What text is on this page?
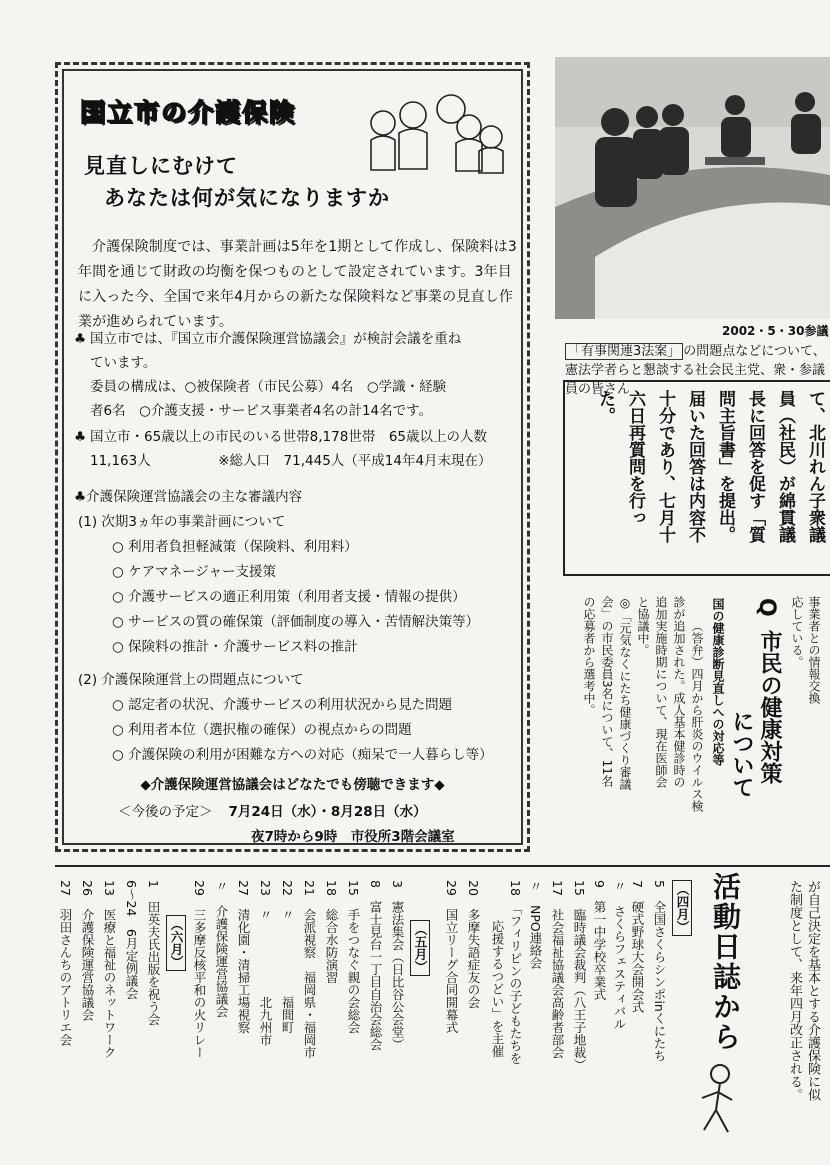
国立市の介護保険
見直しにむけて
あなたは何が気になりますか
介護保険制度では、事業計画は5年を1期として作成し、保険料は3年間を通じて財政の均衡を保つものとして設定されています。3年目に入った今、全国で来年4月からの新たな保険料など事業の見直し作業が進められています。
♣ 国立市では、『国立市介護保険運営協議会』が検討会議を重ね
ています。
委員の構成は、○被保険者（市民公募）4名　○学識・経験
者6名　○介護支援・サービス事業者4名の計14名です。
♣ 国立市・65歳以上の市民のいる世帯8,178世帯　65歳以上の人数
11,163人　　　　　※総人口　71,445人（平成14年4月末現在）
♣介護保険運営協議会の主な審議内容
(1) 次期3ヵ年の事業計画について
○ 利用者負担軽減策（保険料、利用料）
○ ケアマネージャー支援策
○ 介護サービスの適正利用策（利用者支援・情報の提供）
○ サービスの質の確保策（評価制度の導入・苦情解決策等）
○ 保険料の推計・介護サービス料の推計
(2) 介護保険運営上の問題点について
○ 認定者の状況、介護サービスの利用状況から見た問題
○ 利用者本位（選択権の確保）の視点からの問題
○ 介護保険の利用が困難な方への対応（痴呆で一人暮らし等）
◆介護保険運営協議会はどなたでも傍聴できます◆
＜今後の予定＞ 7月24日（水）・8月28日（水）
夜7時から9時　市役所3階会議室
2002・5・30参議
「有事関連3法案」 の問題点などについて、憲法学者らと懇談する社会民主党、衆・参議員の皆さん
て、北川れん子衆議
員（社民）が綿貫議
長に回答を促す「質
問主旨書」を提出。
届いた回答は内容不
十分であり、七月十
六日再質問を行っ
た。
事業者との情報交換
応している。
Q
市民の健康対策
について
国の健康診断見直しへの対応等
（答弁）四月から肝炎のウイルス検
診が追加された。成人基本健診時の
追加実施時期について、現在医師会
と協議中。
◎「元気なくにたち健康づくり審議
会」の市民委員3名について、11名
の応募者から選考中。
が自己決定を基本とする介護保険に似
た制度として、来年四月改正される。
活動日誌から
（四月）
5　全国さくらシンポinくにたち
7　硬式野球大会開会式
〃　さくらフェスティバル
9　第一中学校卒業式
15　臨時議会裁判（八王子地裁）
17　社会福祉協議会高齢者部会
〃　NPO連絡会
18　「フィリピンの子どもたちを
応援するつどい」を主催
20　多摩失語症友の会
29　国立リーグ合同開幕式
（五月）
3　憲法集会（日比谷公会堂）
8　富士見台一丁目自治会総会
15　手をつなぐ親の会総会
18　総合水防演習
21　会派視察　福岡県・福岡市
22　〃　　　　　　福間町
23　〃　　　　　　北九州市
27　清化園・清掃工場視察
〃　介護保険運営協議会
29　三多摩反核平和の火リレー
（六月）
1　田英夫氏出版を祝う会
6〜24　6月定例議会
13　医療と福祉のネットワーク
26　介護保険運営協議会
27　羽田さんちのアトリエ会
